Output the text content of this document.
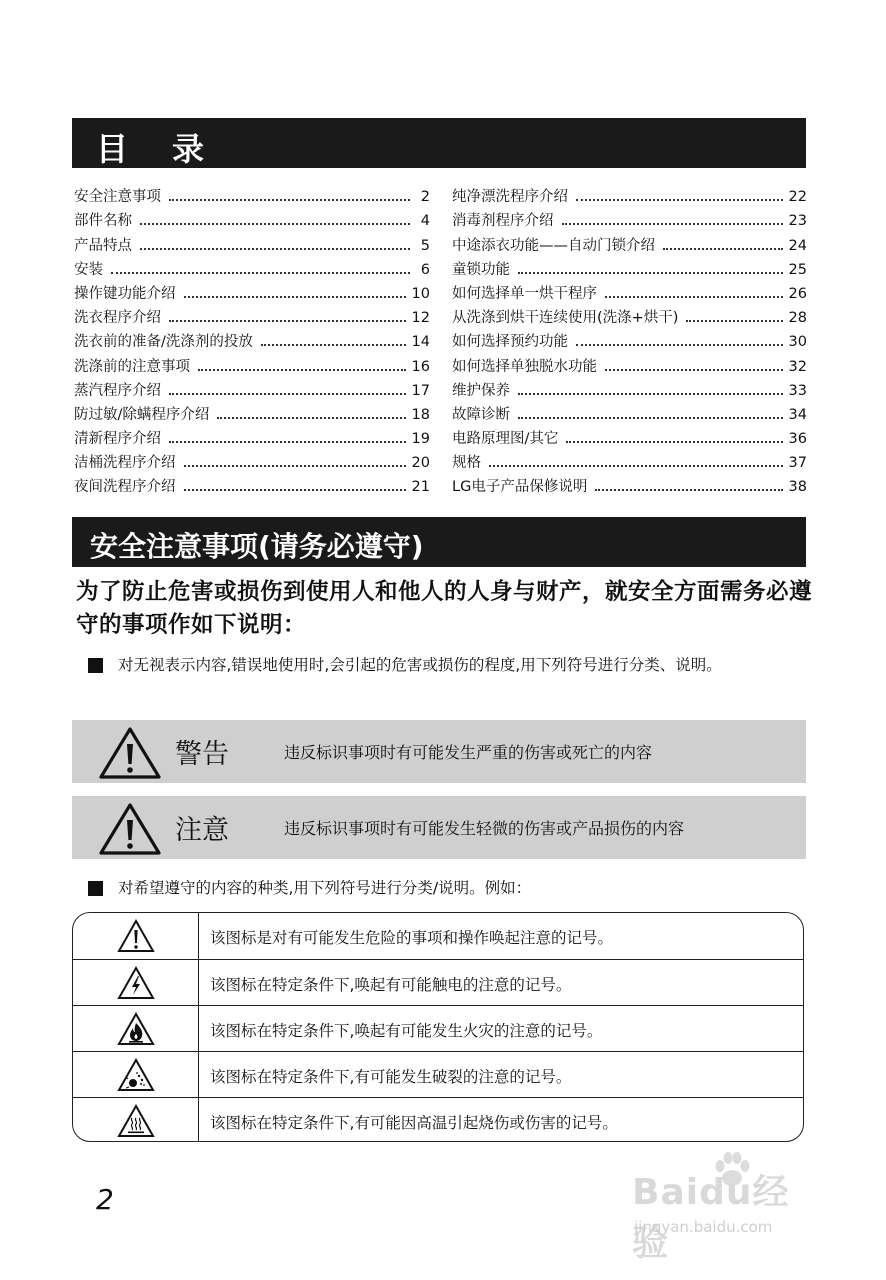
目　录
安全注意事项	2
部件名称	4
产品特点	5
安装	6
操作键功能介绍	10
洗衣程序介绍	12
洗衣前的准备/洗涤剂的投放	14
洗涤前的注意事项	16
蒸汽程序介绍	17
防过敏/除螨程序介绍	18
清新程序介绍	19
洁桶洗程序介绍	20
夜间洗程序介绍	21
纯净漂洗程序介绍	22
消毒剂程序介绍	23
中途添衣功能——自动门锁介绍	24
童锁功能	25
如何选择单一烘干程序	26
从洗涤到烘干连续使用(洗涤+烘干)	28
如何选择预约功能	30
如何选择单独脱水功能	32
维护保养	33
故障诊断	34
电路原理图/其它	36
规格	37
LG电子产品保修说明	38
安全注意事项(请务必遵守)
为了防止危害或损伤到使用人和他人的人身与财产，就安全方面需务必遵守的事项作如下说明：
对无视表示内容,错误地使用时,会引起的危害或损伤的程度,用下列符号进行分类、说明。
警告	违反标识事项时有可能发生严重的伤害或死亡的内容
注意	违反标识事项时有可能发生轻微的伤害或产品损伤的内容
对希望遵守的内容的种类,用下列符号进行分类/说明。例如：
该图标是对有可能发生危险的事项和操作唤起注意的记号。
该图标在特定条件下,唤起有可能触电的注意的记号。
该图标在特定条件下,唤起有可能发生火灾的注意的记号。
该图标在特定条件下,有可能发生破裂的注意的记号。
该图标在特定条件下,有可能因高温引起烧伤或伤害的记号。
2	Baidu经验
jingyan.baidu.com
